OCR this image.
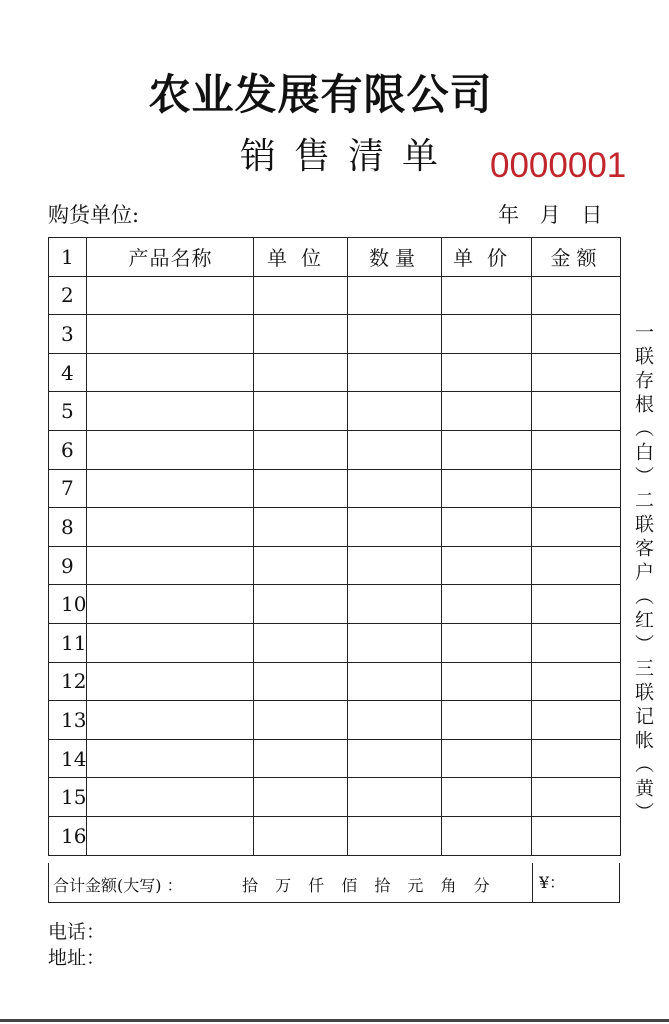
农业发展有限公司
销售清单 0000001
购货单位:	年 月 日
1	产品名称	单位	数量	单价	金额
2					
3					
4					
5					
6					
7					
8					
9					
10					
11					
12					
13					
14					
15					
16					
合计金额(大写) ：	拾 万 仟 佰 拾 元 角 分	¥：
一联存根（白）二联客户（红）三联记帐（黄）
电话：
地址：
